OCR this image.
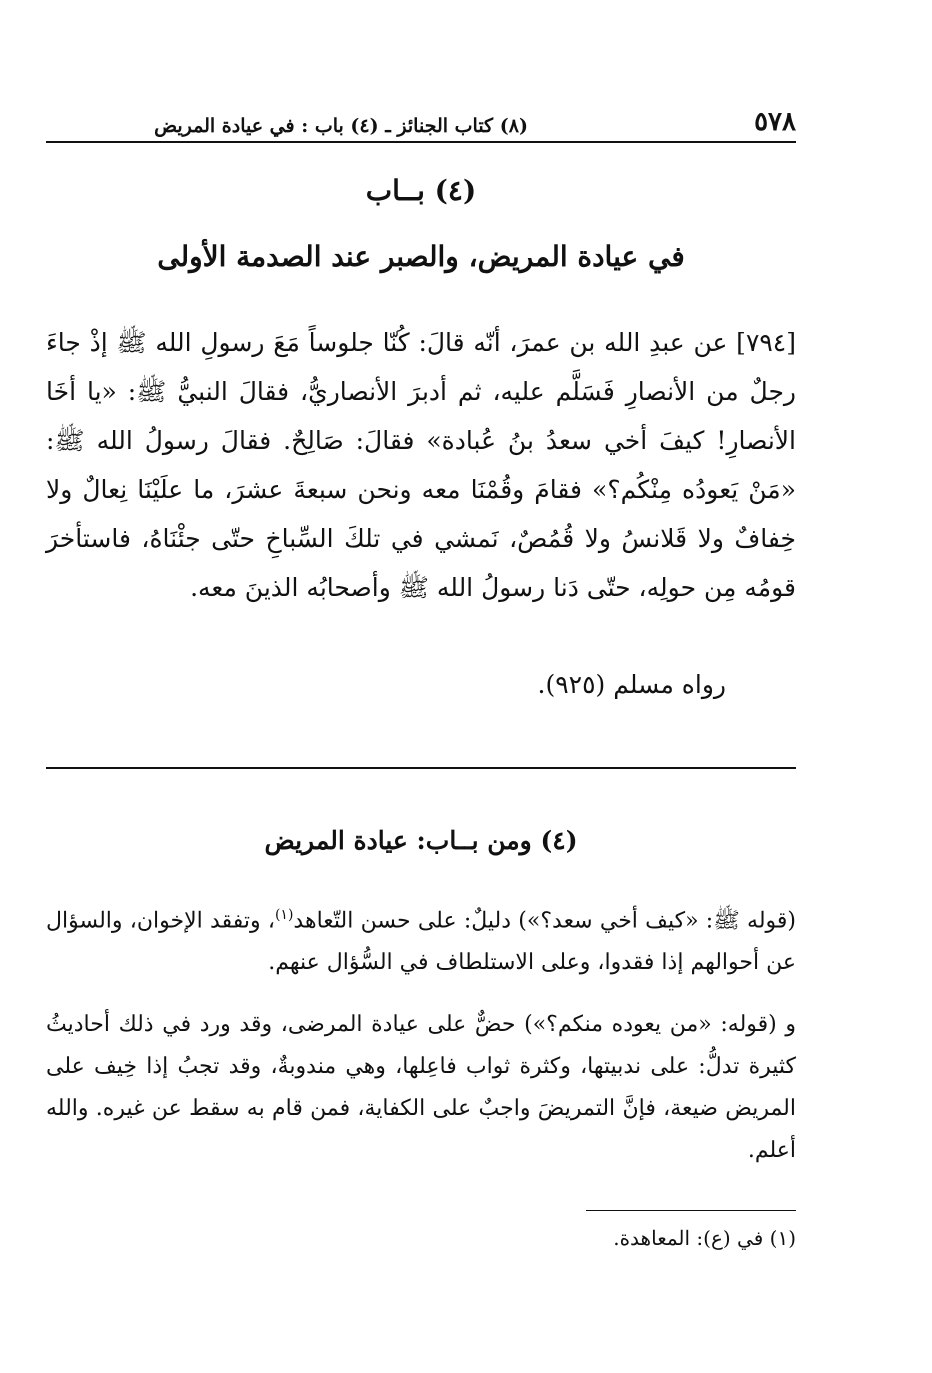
٥٧٨
(٨) كتاب الجنائز ـ (٤) باب : في عيادة المريض
(٤) بــاب
في عيادة المريض، والصبر عند الصدمة الأولى
[٧٩٤] عن عبدِ الله بن عمرَ، أنّه قالَ: كُنّا جلوساً مَعَ رسولِ الله ﷺ إذْ جاءَ رجلٌ من الأنصارِ فَسَلَّم عليه، ثم أدبرَ الأنصاريُّ، فقالَ النبيُّ ﷺ: «يا أخَا الأنصارِ! كيفَ أخي سعدُ بنُ عُبادة» فقالَ: صَالِحٌ. فقالَ رسولُ الله ﷺ: «مَنْ يَعودُه مِنْكُم؟» فقامَ وقُمْنَا معه ونحن سبعةَ عشرَ، ما علَيْنَا نِعالٌ ولا خِفافٌ ولا قَلانسُ ولا قُمُصٌ، نَمشي في تلكَ السِّباخِ حتّى جئْنَاهُ، فاستأخرَ قومُه مِن حولِه، حتّى دَنا رسولُ الله ﷺ وأصحابُه الذينَ معه.
رواه مسلم (٩٢٥).
(٤) ومن بــاب: عيادة المريض
(قوله ﷺ: «كيف أخي سعد؟») دليلٌ: على حسن التّعاهد$^{(١)}$، وتفقد الإخوان، والسؤال عن أحوالهم إذا فقدوا، وعلى الاستلطاف في السُّؤال عنهم.
و (قوله: «من يعوده منكم؟») حضٌّ على عيادة المرضى، وقد ورد في ذلك أحاديثُ كثيرة تدلُّ: على ندبيتها، وكثرة ثواب فاعِلها، وهي مندوبةٌ، وقد تجبُ إذا خِيف على المريض ضيعة، فإنَّ التمريضَ واجبٌ على الكفاية، فمن قام به سقط عن غيره. والله أعلم.
(١) في (ع): المعاهدة.
